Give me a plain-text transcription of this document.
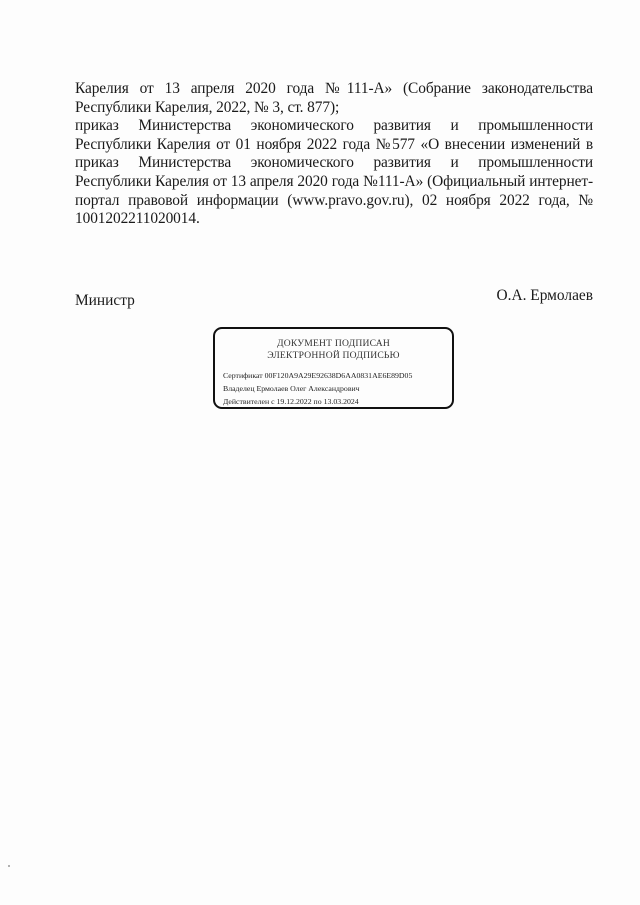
Карелия от 13 апреля 2020 года №111-А» (Собрание законодательства Республики Карелия, 2022, № 3, ст. 877);

приказ Министерства экономического развития и промышленности Республики Карелия от 01 ноября 2022 года №577 «О внесении изменений в приказ Министерства экономического развития и промышленности Республики Карелия от 13 апреля 2020 года №111-А» (Официальный интернет-портал правовой информации (www.pravo.gov.ru), 02 ноября 2022 года, № 1001202211020014.

Министр	О.А. Ермолаев
ДОКУМЕНТ ПОДПИСАН
ЭЛЕКТРОННОЙ ПОДПИСЬЮ
Сертификат 00F120A9A29E92638D6AA0831AE6E89D05
Владелец Ермолаев Олег Александрович
Действителен с 19.12.2022 по 13.03.2024
